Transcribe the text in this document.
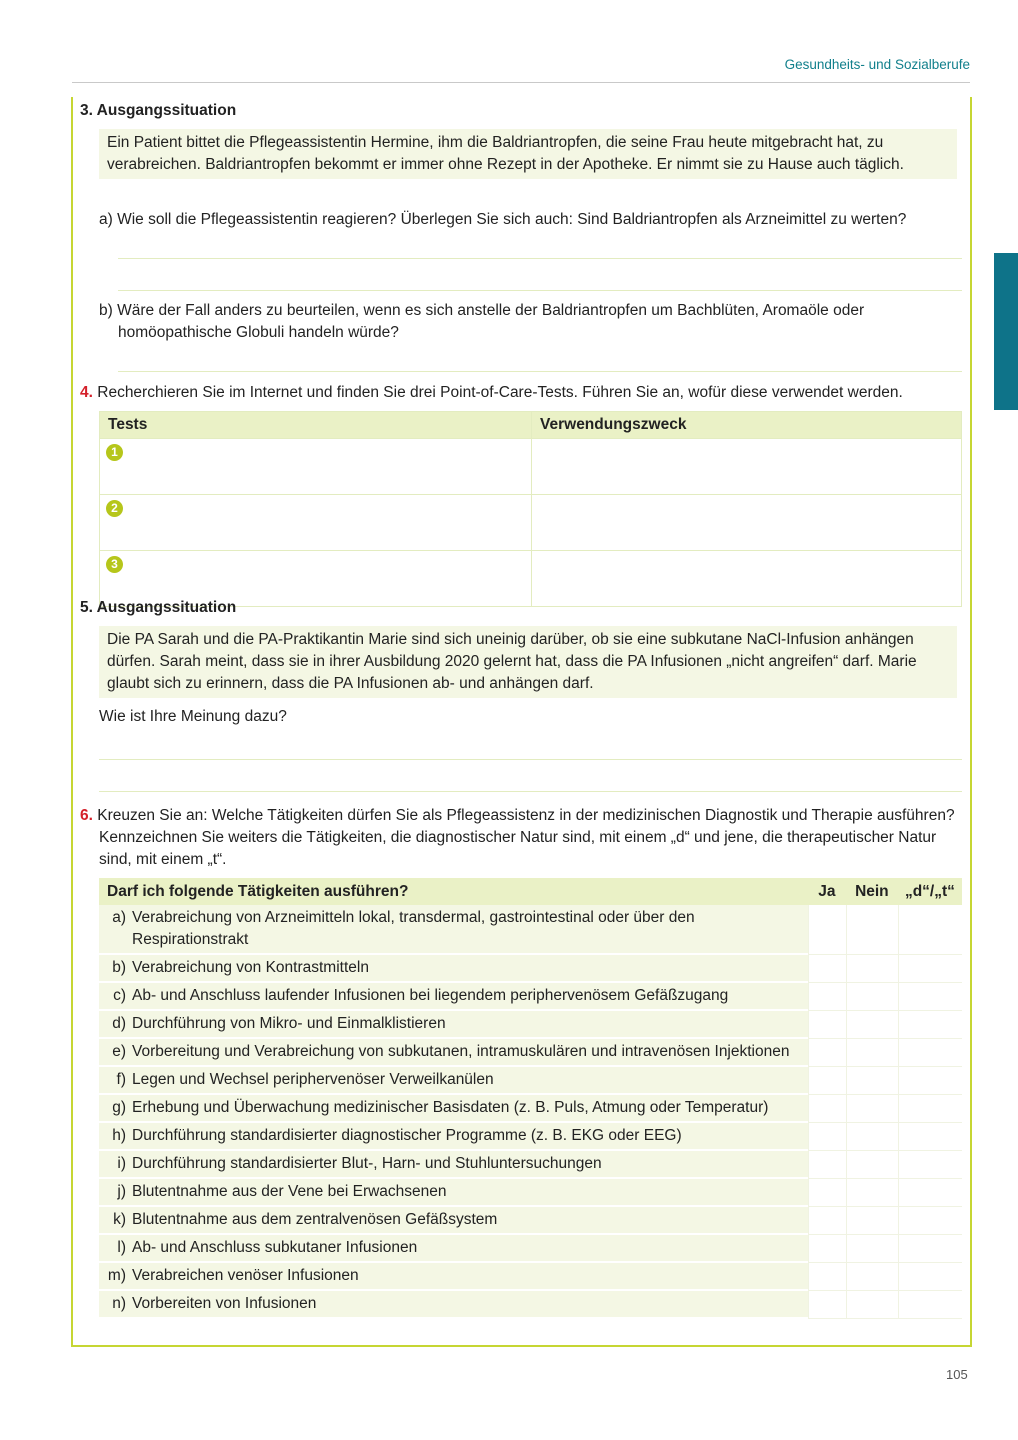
Gesundheits- und Sozialberufe
3. Ausgangssituation
Ein Patient bittet die Pflegeassistentin Hermine, ihm die Baldriantropfen, die seine Frau heute mitgebracht hat, zu verabreichen. Baldriantropfen bekommt er immer ohne Rezept in der Apotheke. Er nimmt sie zu Hause auch täglich.
a) Wie soll die Pflegeassistentin reagieren? Überlegen Sie sich auch: Sind Baldriantropfen als Arzneimittel zu werten?
b) Wäre der Fall anders zu beurteilen, wenn es sich anstelle der Baldriantropfen um Bachblüten, Aromaöle oder homöopathische Globuli handeln würde?
4. Recherchieren Sie im Internet und finden Sie drei Point-of-Care-Tests. Führen Sie an, wofür diese verwendet werden.
Tests	Verwendungszweck
1	
2	
3	
5. Ausgangssituation
Die PA Sarah und die PA-Praktikantin Marie sind sich uneinig darüber, ob sie eine subkutane NaCl-Infusion anhängen dürfen. Sarah meint, dass sie in ihrer Ausbildung 2020 gelernt hat, dass die PA Infusionen „nicht angreifen“ darf. Marie glaubt sich zu erinnern, dass die PA Infusionen ab- und anhängen darf.
Wie ist Ihre Meinung dazu?
6. Kreuzen Sie an: Welche Tätigkeiten dürfen Sie als Pflegeassistenz in der medizinischen Diagnostik und Therapie ausführen? Kennzeichnen Sie weiters die Tätigkeiten, die diagnostischer Natur sind, mit einem „d“ und jene, die therapeutischer Natur sind, mit einem „t“.
Darf ich folgende Tätigkeiten ausführen?	Ja	Nein	„d“/„t“
a) Verabreichung von Arzneimitteln lokal, transdermal, gastrointestinal oder über den Respirationstrakt			
b) Verabreichung von Kontrastmitteln			
c) Ab- und Anschluss laufender Infusionen bei liegendem periphervenösem Gefäßzugang			
d) Durchführung von Mikro- und Einmalklistieren			
e) Vorbereitung und Verabreichung von subkutanen, intramuskulären und intravenösen Injektionen			
f) Legen und Wechsel periphervenöser Verweilkanülen			
g) Erhebung und Überwachung medizinischer Basisdaten (z. B. Puls, Atmung oder Temperatur)			
h) Durchführung standardisierter diagnostischer Programme (z. B. EKG oder EEG)			
i) Durchführung standardisierter Blut-, Harn- und Stuhluntersuchungen			
j) Blutentnahme aus der Vene bei Erwachsenen			
k) Blutentnahme aus dem zentralvenösen Gefäßsystem			
l) Ab- und Anschluss subkutaner Infusionen			
m) Verabreichen venöser Infusionen			
n) Vorbereiten von Infusionen			
105
